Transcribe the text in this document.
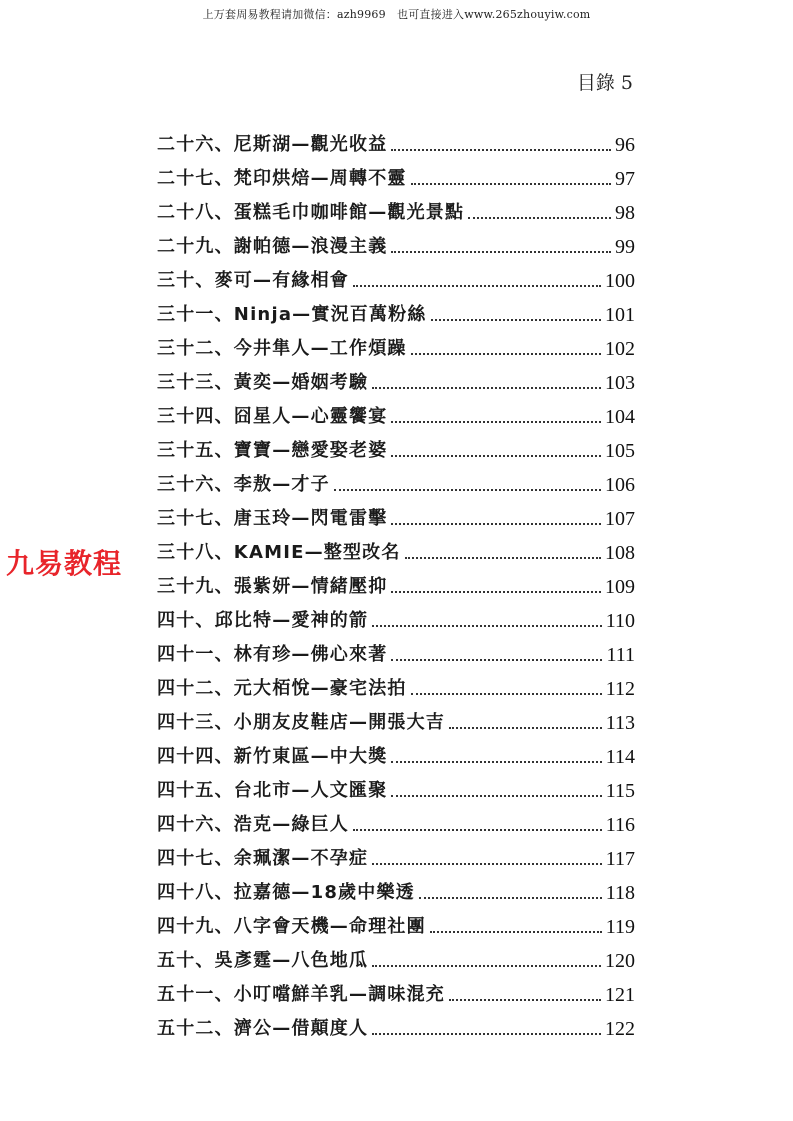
上万套周易教程请加微信：azh9969　也可直接进入www.265zhouyiw.com
目錄 5
九易教程
二十六、尼斯湖—觀光收益	96
二十七、梵印烘焙—周轉不靈	97
二十八、蛋糕毛巾咖啡館—觀光景點	98
二十九、謝帕德—浪漫主義	99
三十、麥可—有緣相會	100
三十一、Ninja—實況百萬粉絲	101
三十二、今井隼人—工作煩躁	102
三十三、黃奕—婚姻考驗	103
三十四、囧星人—心靈饗宴	104
三十五、寶寶—戀愛娶老婆	105
三十六、李敖—才子	106
三十七、唐玉玲—閃電雷擊	107
三十八、KAMIE—整型改名	108
三十九、張紫妍—情緒壓抑	109
四十、邱比特—愛神的箭	110
四十一、林有珍—佛心來著	111
四十二、元大栢悅—豪宅法拍	112
四十三、小朋友皮鞋店—開張大吉	113
四十四、新竹東區—中大獎	114
四十五、台北市—人文匯聚	115
四十六、浩克—綠巨人	116
四十七、余珮潔—不孕症	117
四十八、拉嘉德—18歲中樂透	118
四十九、八字會天機—命理社團	119
五十、吳彥霆—八色地瓜	120
五十一、小叮噹鮮羊乳—調味混充	121
五十二、濟公—借顛度人	122
